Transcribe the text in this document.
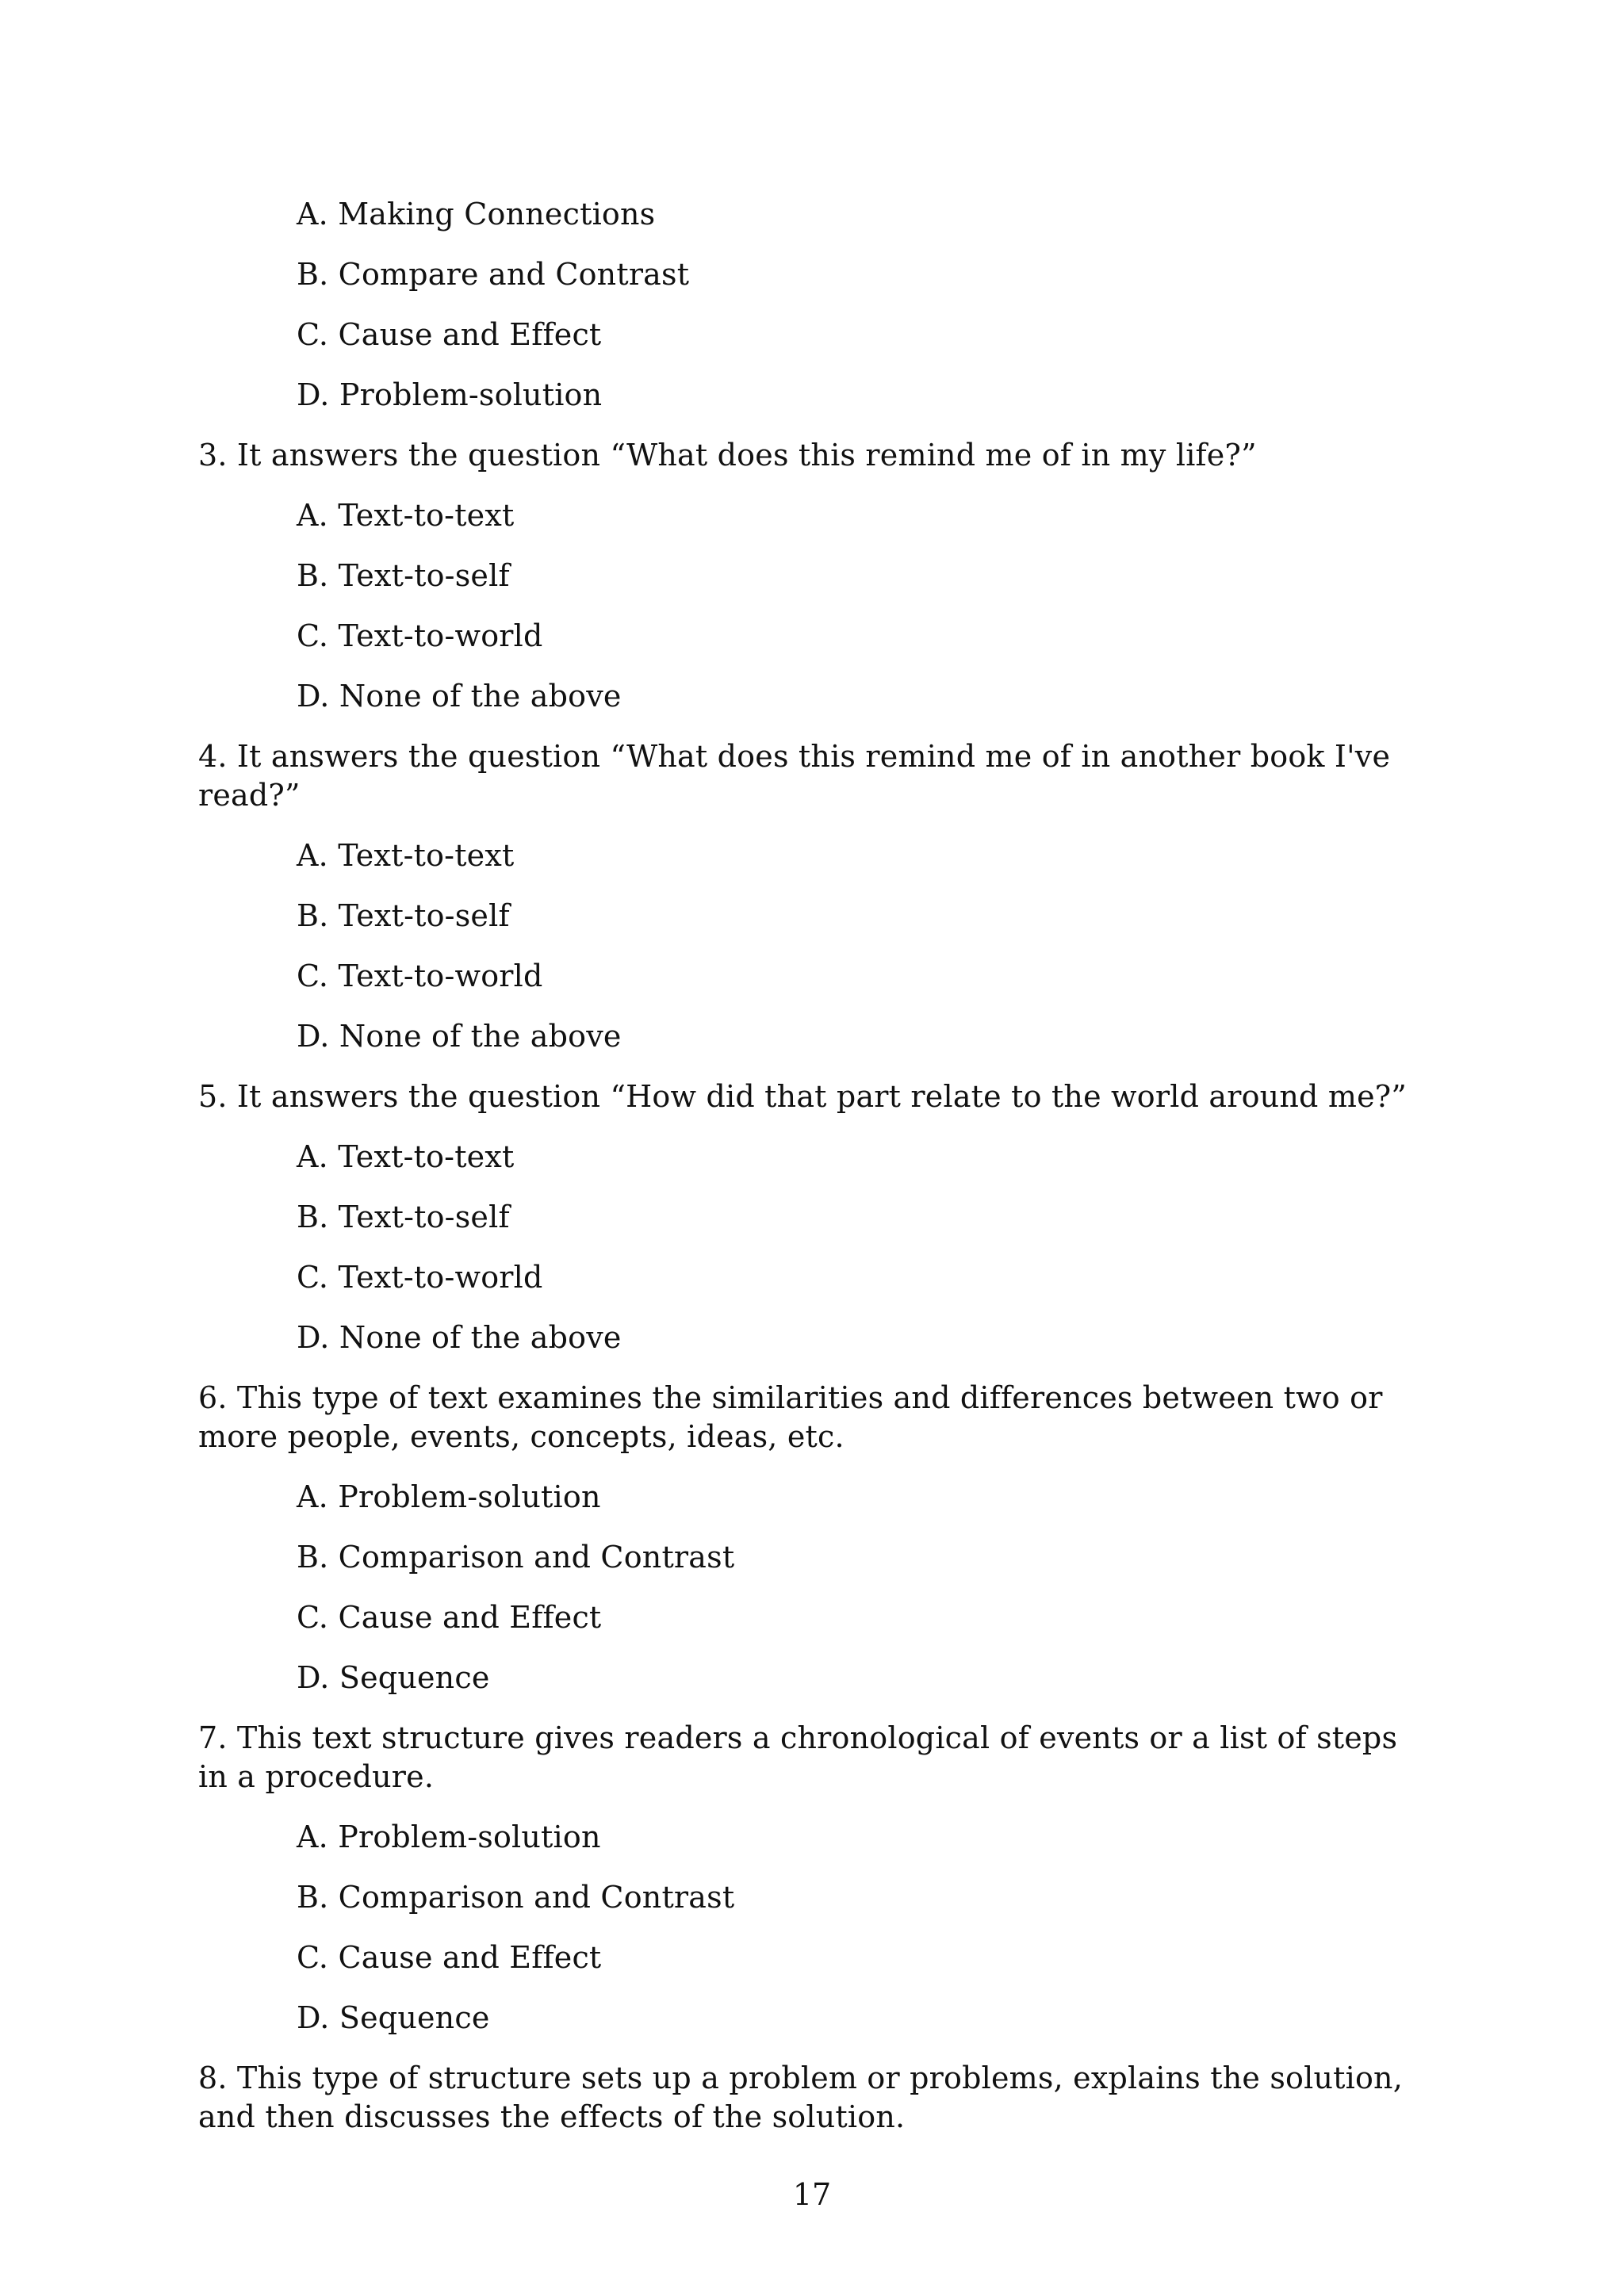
A. Making Connections
B. Compare and Contrast
C. Cause and Effect
D. Problem-solution

3. It answers the question “What does this remind me of in my life?”

A. Text-to-text
B. Text-to-self
C. Text-to-world
D. None of the above

4. It answers the question “What does this remind me of in another book I've read?”

A. Text-to-text
B. Text-to-self
C. Text-to-world
D. None of the above

5. It answers the question “How did that part relate to the world around me?”

A. Text-to-text
B. Text-to-self
C. Text-to-world
D. None of the above

6. This type of text examines the similarities and differences between two or more people, events, concepts, ideas, etc.

A. Problem-solution
B. Comparison and Contrast
C. Cause and Effect
D. Sequence

7. This text structure gives readers a chronological of events or a list of steps in a procedure.

A. Problem-solution
B. Comparison and Contrast
C. Cause and Effect
D. Sequence

8. This type of structure sets up a problem or problems, explains the solution, and then discusses the effects of the solution.

17
